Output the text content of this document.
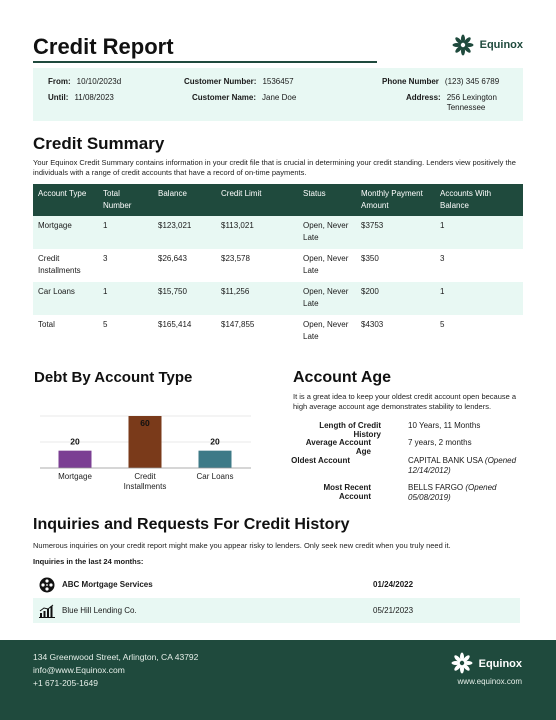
Credit Report	Equinox
From: 10/10/2023d
Until: 11/08/2023
Customer Number: 1536457
Customer Name: Jane Doe
Phone Number (123) 345 6789
Address: 256 Lexington
Tennessee
Credit Summary
Your Equinox Credit Summary contains information in your credit file that is crucial in determining your credit standing. Lenders view positively the individuals with a range of credit accounts that have a record of on-time payments.
Account Type	Total Number	Balance	Credit Limit	Status	Monthly Payment Amount	Accounts With Balance
Mortgage	1	$123,021	$113,021	Open, Never Late	$3753	1
Credit Installments	3	$26,643	$23,578	Open, Never Late	$350	3
Car Loans	1	$15,750	$11,256	Open, Never Late	$200	1
Total	5	$165,414	$147,855	Open, Never Late	$4303	5
Debt By Account Type
20
Mortgage
60
Credit
Installments
20
Car Loans
Account Age
It is a great idea to keep your oldest credit account open because a high average account age demonstrates stability to lenders.
Length of Credit History
10 Years, 11 Months
Average Account Age
7 years, 2 months
Oldest Account	CAPITAL BANK USA (Opened 12/14/2012)
Most Recent Account
BELLS FARGO (Opened 05/08/2019)
Inquiries and Requests For Credit History
Numerous inquiries on your credit report might make you appear risky to lenders. Only seek new credit when you truly need it.
Inquiries in the last 24 months:
ABC Mortgage Services	01/24/2022
Blue Hill Lending Co.	05/21/2023
134 Greenwood Street, Arlington, CA 43792
info@www.Equinox.com
+1 671-205-1649
Equinox
www.equinox.com
